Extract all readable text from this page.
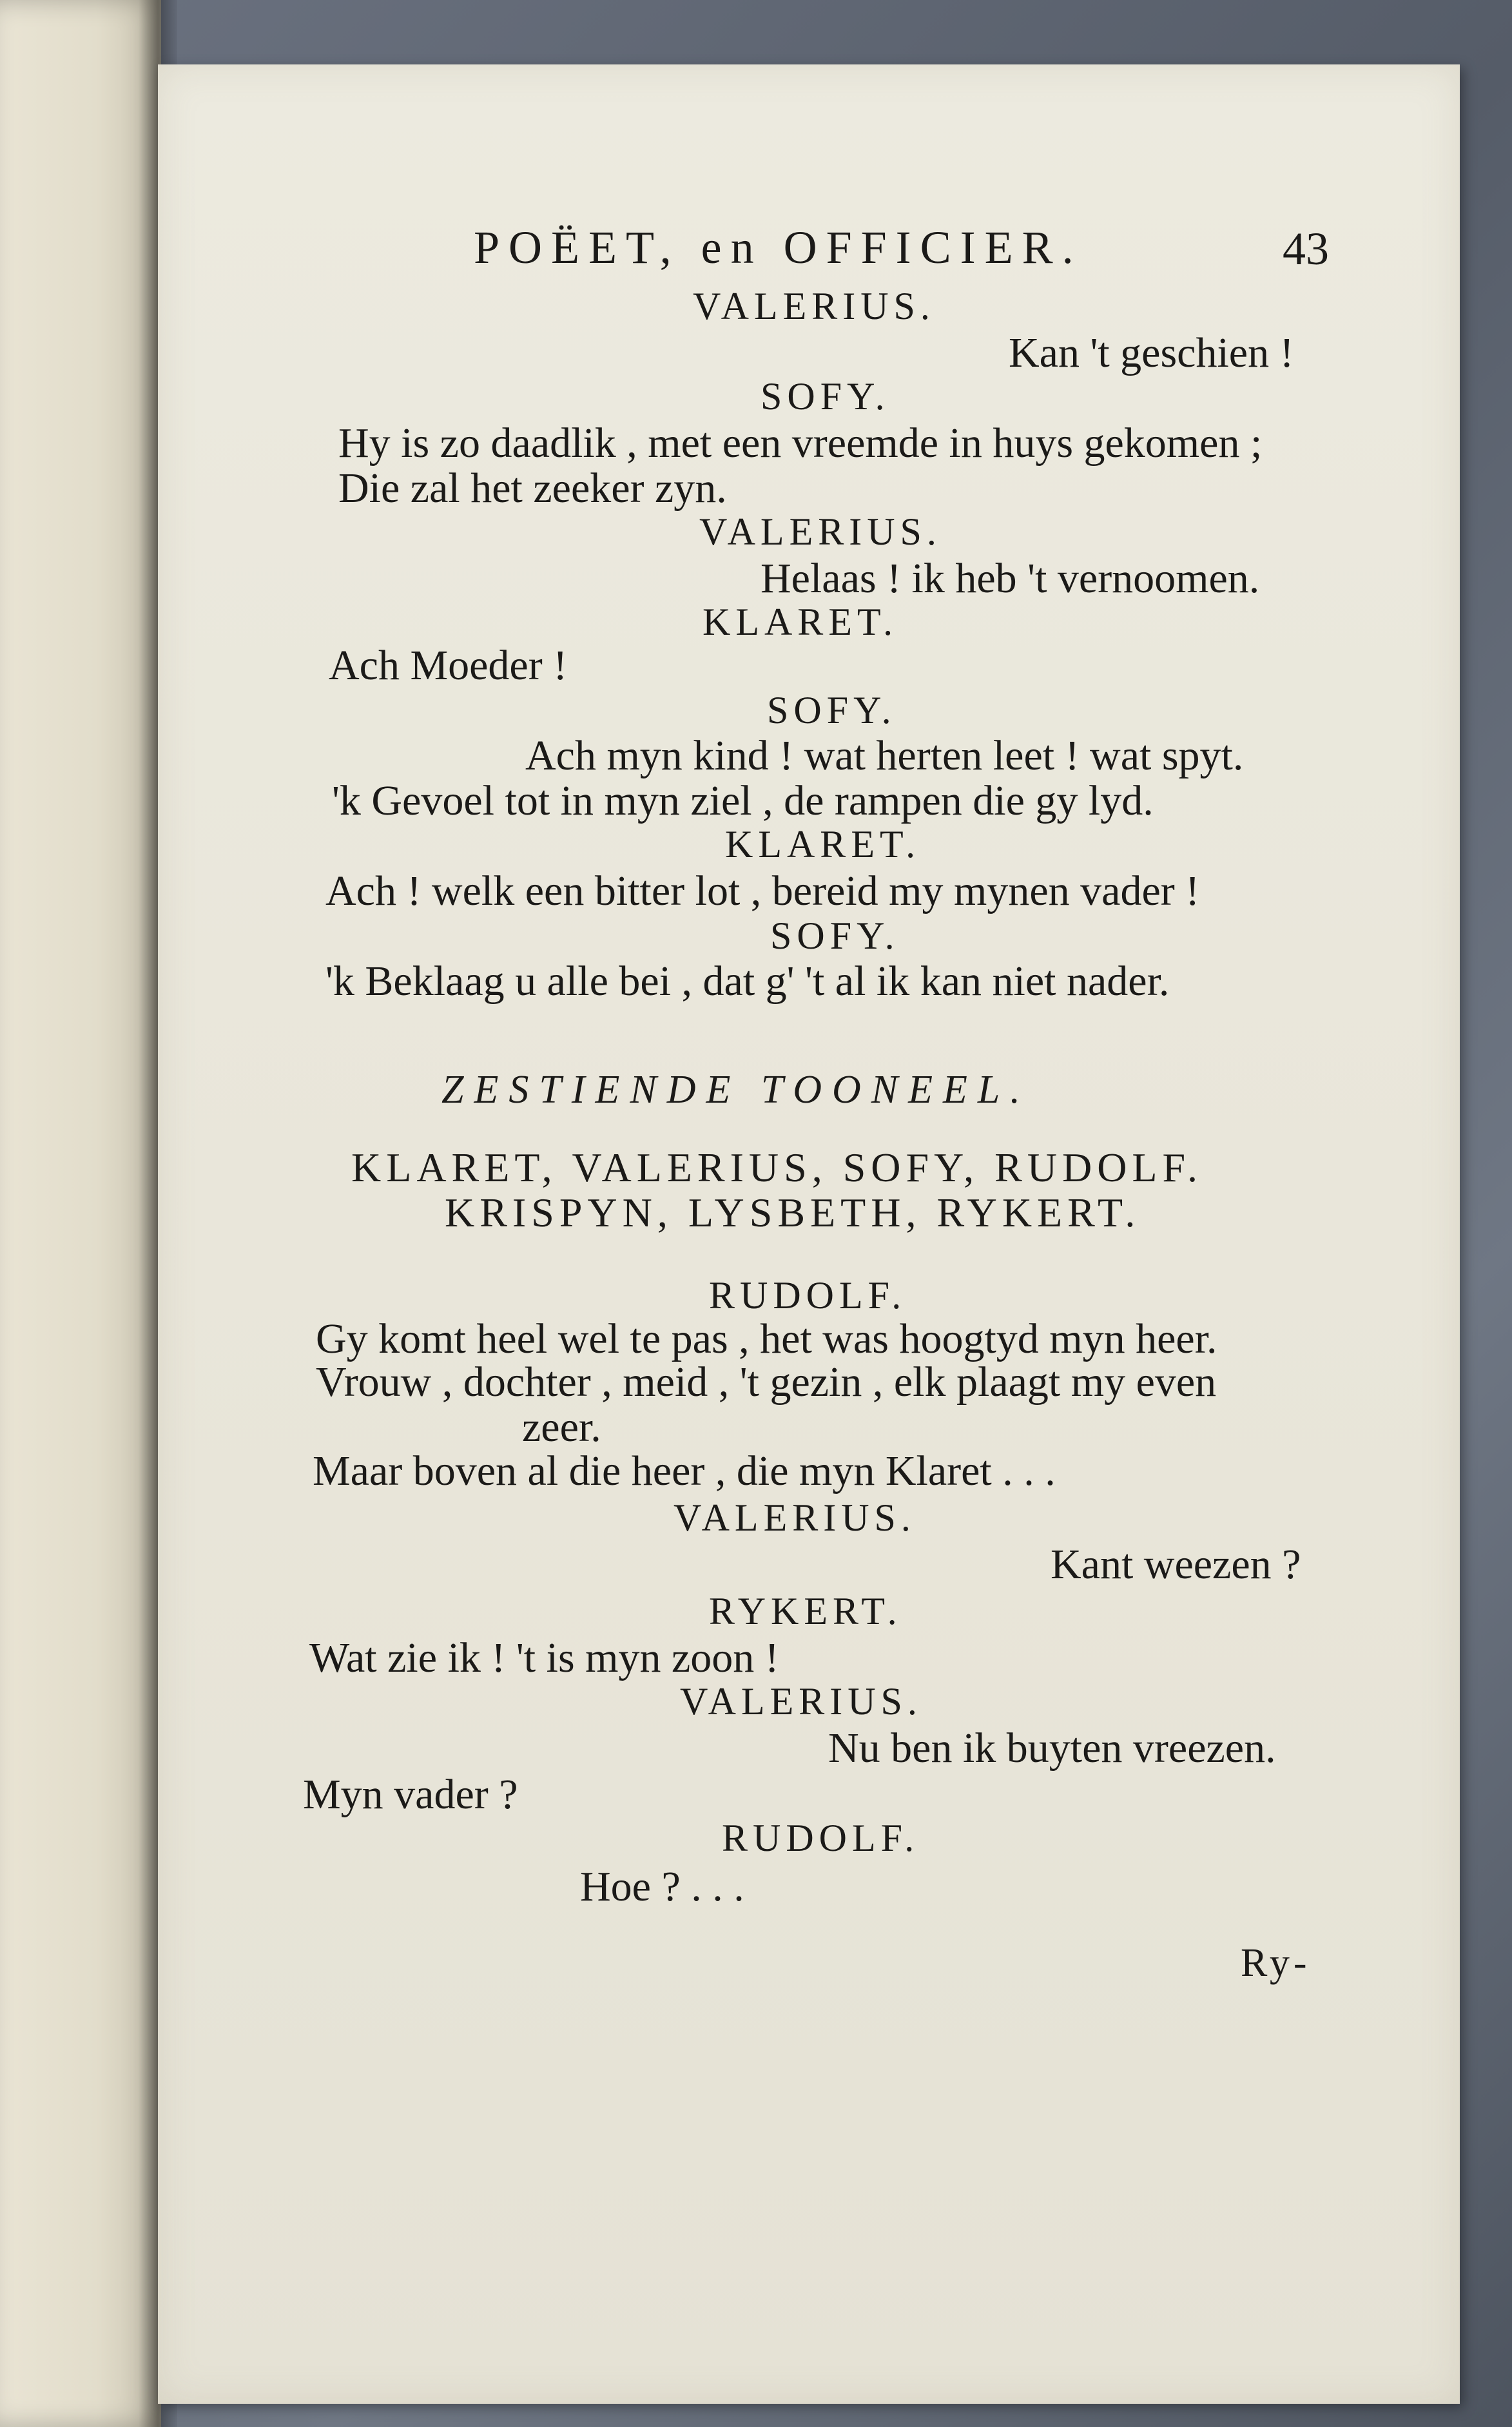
POËET, en OFFICIER.	43
VALERIUS.
Kan 't geschien !
SOFY.
Hy is zo daadlik , met een vreemde in huys gekomen ;
Die zal het zeeker zyn.
VALERIUS.
Helaas ! ik heb 't vernoomen.
KLARET.
Ach Moeder !
SOFY.
Ach myn kind ! wat herten leet ! wat spyt.
'k Gevoel tot in myn ziel , de rampen die gy lyd.
KLARET.
Ach ! welk een bitter lot , bereid my mynen vader !
SOFY.
'k Beklaag u alle bei , dat g' 't al ik kan niet nader.
ZESTIENDE TOONEEL.
KLARET, VALERIUS, SOFY, RUDOLF.
KRISPYN, LYSBETH, RYKERT.
RUDOLF.
Gy komt heel wel te pas , het was hoogtyd myn heer.
Vrouw , dochter , meid , 't gezin , elk plaagt my even
zeer.
Maar boven al die heer , die myn Klaret . . .
VALERIUS.
Kant weezen ?
RYKERT.
Wat zie ik ! 't is myn zoon !
VALERIUS.
Nu ben ik buyten vreezen.
Myn vader ?
RUDOLF.
Hoe ? . . .
Ry-
